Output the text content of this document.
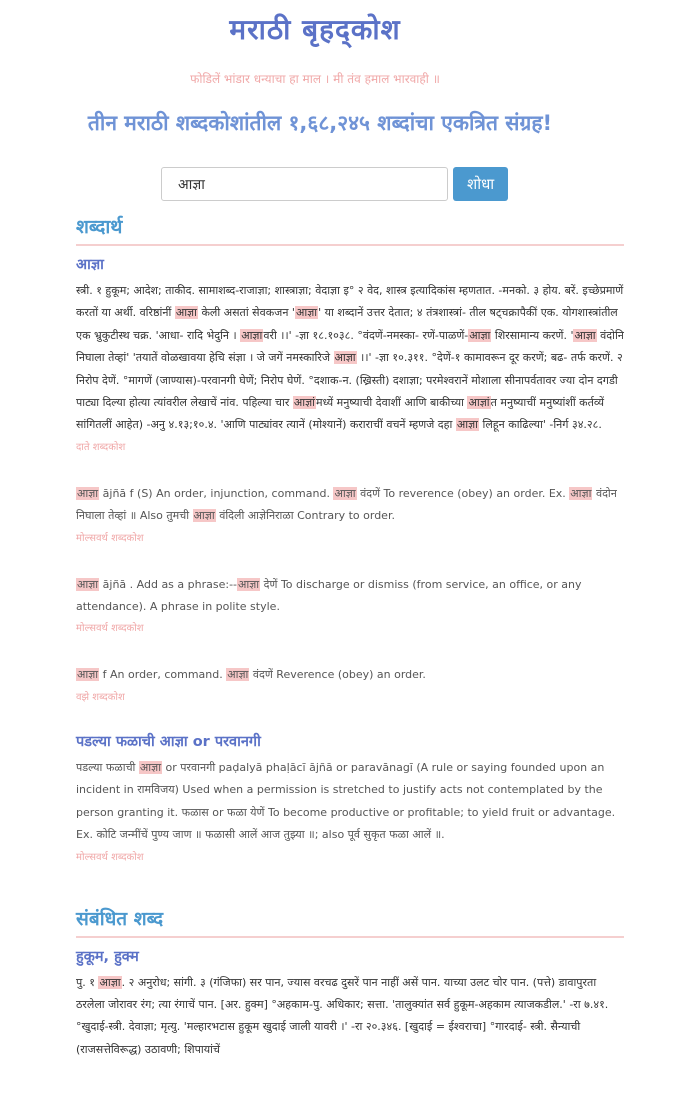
मराठी बृहद्कोश

फोडिलें भांडार धन्याचा हा माल । मी तंव हमाल भारवाही ॥

तीन मराठी शब्दकोशांतील १,६८,२४५ शब्दांचा एकत्रित संग्रह!
आज्ञा
शोधा
शब्दार्थ
आज्ञा

स्त्री. १ हुकूम; आदेश; ताकीद. सामाशब्द-राजाज्ञा; शास्त्राज्ञा; वेदाज्ञा इ° २ वेद, शास्त्र इत्यादिकांस म्हणतात. -मनको. ३ होय. बरें. इच्छेप्रमाणें करतों या अर्थी. वरिष्ठांनीं आज्ञा केली असतां सेवकजन 'आज्ञा' या शब्दानें उत्तर देतात; ४ तंत्रशास्त्रां- तील षट्चक्रापैकीं एक. योगशास्त्रांतील एक भ्रुकुटीस्थ चक्र. 'आधा- रादि भेदुनि । आज्ञावरी ।।' -ज्ञा १८.१०३८. °वंदणें-नमस्का- रणें-पाळणें-आज्ञा शिरसामान्य करणें. 'आज्ञा वंदोनि निघाला तेव्हां' 'तयातें वोळखावया हेचि संज्ञा । जे जगें नमस्कारिजे आज्ञा ।।' -ज्ञा १०.३११. °देणें-१ कामावरून दूर करणें; बढ- तर्फ करणें. २ निरोप देणें. °मागणें (जाण्यास)-परवानगी घेणें; निरोप घेणें. °दशाक-न. (ख्रिस्ती) दशाज्ञा; परमेश्वरानें मोशाला सीनापर्वतावर ज्या दोन दगडी पाट्या दिल्या होत्या त्यांवरील लेखाचें नांव. पहिल्या चार आज्ञांमध्यें मनुष्याची देवाशीं आणि बाकीच्या आज्ञांत मनुष्याचीं मनुष्यांशीं कर्तव्यें सांगितलीं आहेत) -अनु ४.१३;१०.४. 'आणि पाट्यांवर त्यानें (मोश्यानें) कराराचीं वचनें म्हणजे दहा आज्ञा लिहून काढिल्या' -निर्ग ३४.२८.

दाते शब्दकोश

आज्ञा ājñā f (S) An order, injunction, command. आज्ञा वंदणें To reverence (obey) an order. Ex. आज्ञा वंदोन निघाला तेव्हां ॥ Also तुमची आज्ञा वंदिली आज्ञेनिराळा Contrary to order.

मोल्सवर्थ शब्दकोश

आज्ञा ājñā . Add as a phrase:--आज्ञा देणें To discharge or dismiss (from service, an office, or any attendance). A phrase in polite style.

मोल्सवर्थ शब्दकोश

आज्ञा f An order, command. आज्ञा वंदणें Reverence (obey) an order.

वझे शब्दकोश

पडल्या फळाची आज्ञा or परवानगी

पडल्या फळाची आज्ञा or परवानगी paḍalyā phaḷācī ājñā or paravānagī (A rule or saying founded upon an incident in रामविजय) Used when a permission is stretched to justify acts not contemplated by the person granting it. फळास or फळा येणें To become productive or profitable; to yield fruit or advantage. Ex. कोटि जन्मींचें पुण्य जाण ॥ फळासी आलें आज तुझ्या ॥; also पूर्व सुकृत फळा आलें ॥.

मोल्सवर्थ शब्दकोश

संबंधित शब्द
हुकूम, हुक्म

पु. १ आज्ञा. २ अनुरोध; सांगी. ३ (गंजिफा) सर पान, ज्यास वरचढ दुसरें पान नाहीं असें पान. याच्या उलट चोर पान. (पत्ते) डावापुरता ठरलेला जोरावर रंग; त्या रंगाचें पान. [अर. हुक्म] °अहकाम-पु. अधिकार; सत्ता. 'तालुक्यांत सर्व हुकूम-अहकाम त्याजकडील.' -रा ७.४१. °खुदाई-स्त्री. देवाज्ञा; मृत्यु. 'मल्हारभटास हुकूम खुदाई जाली यावरी ।' -रा २०.३४६. [खुदाई = ईश्वराचा] °गारदाई- स्त्री. सैन्याची (राजसत्तेविरूद्ध) उठावणी; शिपायांचें
